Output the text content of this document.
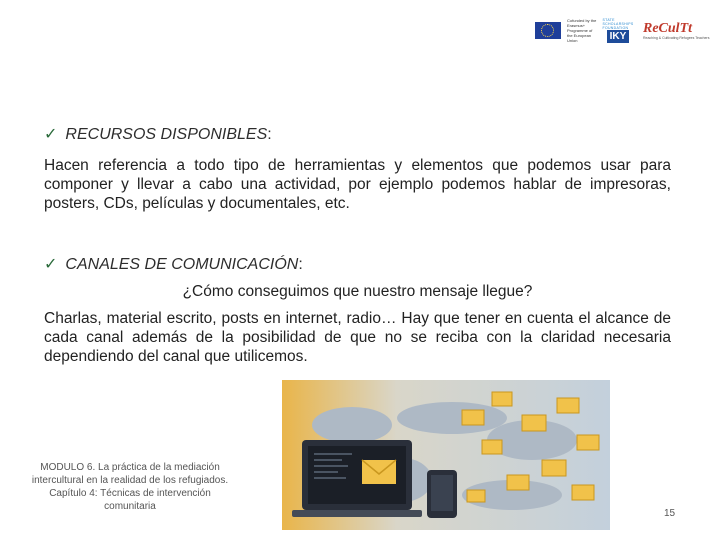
Cofunded by the Erasmus+ Programme of the European Union
STATE SCHOLARSHIPS FOUNDATION
IKY
ReCulTt
Reaching & Cultivating Refugees Teachers
✓ RECURSOS DISPONIBLES:
Hacen referencia a todo tipo de herramientas y elementos que podemos usar para componer y llevar a cabo una actividad, por ejemplo podemos hablar de impresoras, posters, CDs, películas y documentales, etc.
✓ CANALES DE COMUNICACIÓN:
¿Cómo conseguimos que nuestro mensaje llegue?
Charlas, material escrito, posts en internet, radio… Hay que tener en cuenta el alcance de cada canal además de la posibilidad de que no se reciba con la claridad necesaria dependiendo del canal que utilicemos.
MODULO 6. La práctica de la mediación intercultural en la realidad de los refugiados. Capítulo 4: Técnicas de intervención comunitaria
15
